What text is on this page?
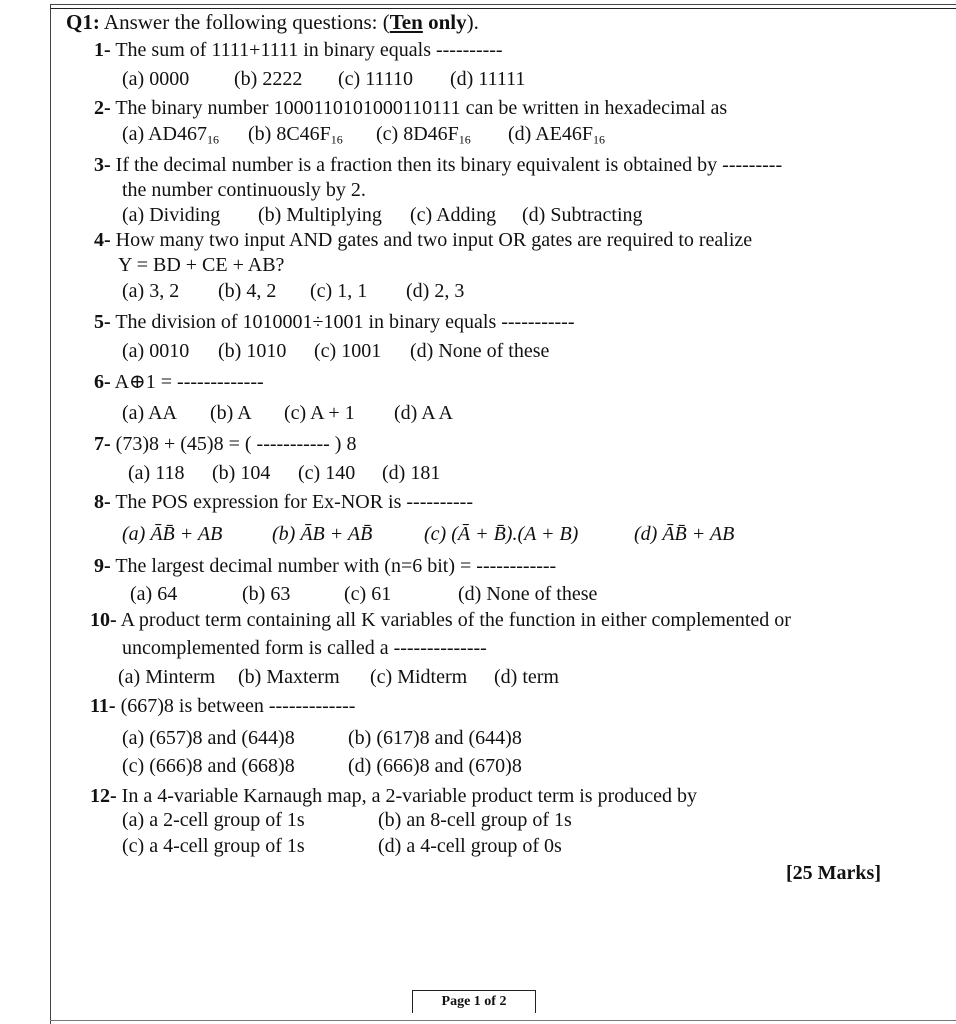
Q1: Answer the following questions: (Ten only).
1- The sum of 1111+1111 in binary equals ----------
(a) 0000 (b) 2222 (c) 11110 (d) 11111
2- The binary number 1000110101000110111 can be written in hexadecimal as
(a) $AD467_{16}$ (b) $8C46F_{16}$ (c) $8D46F_{16}$ (d) $AE46F_{16}$
3- If the decimal number is a fraction then its binary equivalent is obtained by ---------
the number continuously by 2.
(a) Dividing (b) Multiplying (c) Adding (d) Subtracting
4- How many two input AND gates and two input OR gates are required to realize
Y = BD + CE + AB?
(a) 3, 2 (b) 4, 2 (c) 1, 1 (d) 2, 3
5- The division of 1010001÷1001 in binary equals -----------
(a) 0010 (b) 1010 (c) 1001 (d) None of these
6- A⊕1 = -------------
(a) AA (b) A (c) A + 1 (d) A A
7- (73)8 + (45)8 = ( ----------- ) 8
(a) 118 (b) 104 (c) 140 (d) 181
8- The POS expression for Ex-NOR is ----------
(a) ĀB̄ + AB (b) ĀB + AB̄	(c) (Ā + B̄).(A + B)	(d) ĀB̄ + AB
9- The largest decimal number with (n=6 bit) = ------------
(a) 64	(b) 63	(c) 61	(d) None of these
10- A product term containing all K variables of the function in either complemented or
uncomplemented form is called a --------------
(a) Minterm (b) Maxterm (c) Midterm (d) term
11- (667)8 is between -------------
(a) (657)8 and (644)8	(b) (617)8 and (644)8
(c) (666)8 and (668)8	(d) (666)8 and (670)8
12- In a 4-variable Karnaugh map, a 2-variable product term is produced by
(a) a 2-cell group of 1s	(b) an 8-cell group of 1s
(c) a 4-cell group of 1s	(d) a 4-cell group of 0s
[25 Marks]
Page 1 of 2
